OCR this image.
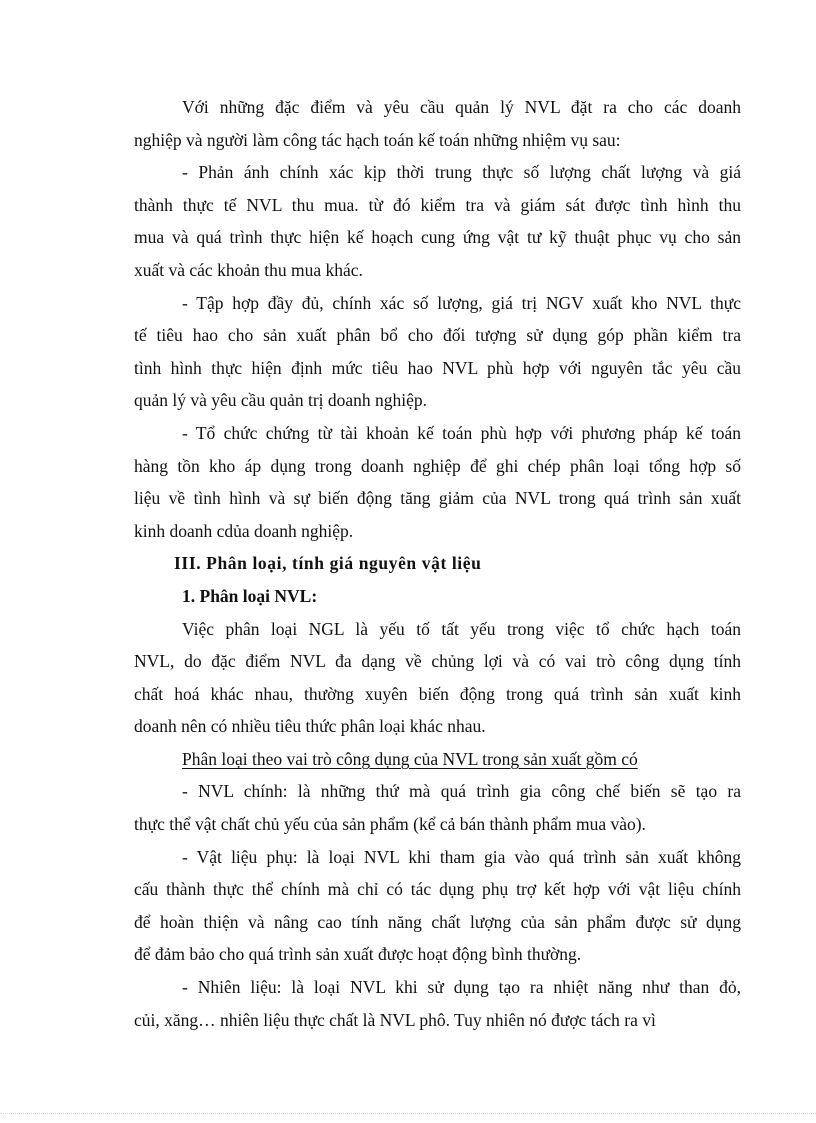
Với những đặc điểm và yêu cầu quản lý NVL đặt ra cho các doanh
nghiệp và người làm công tác hạch toán kế toán những nhiệm vụ sau:
- Phản ánh chính xác kịp thời trung thực số lượng chất lượng và giá
thành thực tế NVL thu mua. từ đó kiểm tra và giám sát được tình hình thu
mua và quá trình thực hiện kế hoạch cung ứng vật tư kỹ thuật phục vụ cho sản
xuất và các khoản thu mua khác.
- Tập hợp đầy đủ, chính xác số lượng, giá trị NGV xuất kho NVL thực
tế tiêu hao cho sản xuất phân bổ cho đối tượng sử dụng góp phần kiểm tra
tình hình thực hiện định mức tiêu hao NVL phù hợp với nguyên tắc yêu cầu
quản lý và yêu cầu quản trị doanh nghiệp.
- Tổ chức chứng từ tài khoản kế toán phù hợp với phương pháp kế toán
hàng tồn kho áp dụng trong doanh nghiệp để ghi chép phân loại tổng hợp số
liệu về tình hình và sự biến động tăng giảm của NVL trong quá trình sản xuất
kinh doanh cdủa doanh nghiệp.
III. Phân loại, tính giá nguyên vật liệu
1. Phân loại NVL:
Việc phân loại NGL là yếu tố tất yếu trong việc tổ chức hạch toán
NVL, do đặc điểm NVL đa dạng về chủng lợi và có vai trò công dụng tính
chất hoá khác nhau, thường xuyên biến động trong quá trình sản xuất kinh
doanh nên có nhiều tiêu thức phân loại khác nhau.
Phân loại theo vai trò công dụng của NVL trong sản xuất gồm có
- NVL chính: là những thứ mà quá trình gia công chế biến sẽ tạo ra
thực thể vật chất chủ yếu của sản phẩm (kể cả bán thành phẩm mua vào).
- Vật liệu phụ: là loại NVL khi tham gia vào quá trình sản xuất không
cấu thành thực thể chính mà chỉ có tác dụng phụ trợ kết hợp với vật liệu chính
để hoàn thiện và nâng cao tính năng chất lượng của sản phẩm được sử dụng
để đảm bảo cho quá trình sản xuất được hoạt động bình thường.
- Nhiên liệu: là loại NVL khi sử dụng tạo ra nhiệt năng như than đỏ,
củi, xăng… nhiên liệu thực chất là NVL phô. Tuy nhiên nó được tách ra vì
